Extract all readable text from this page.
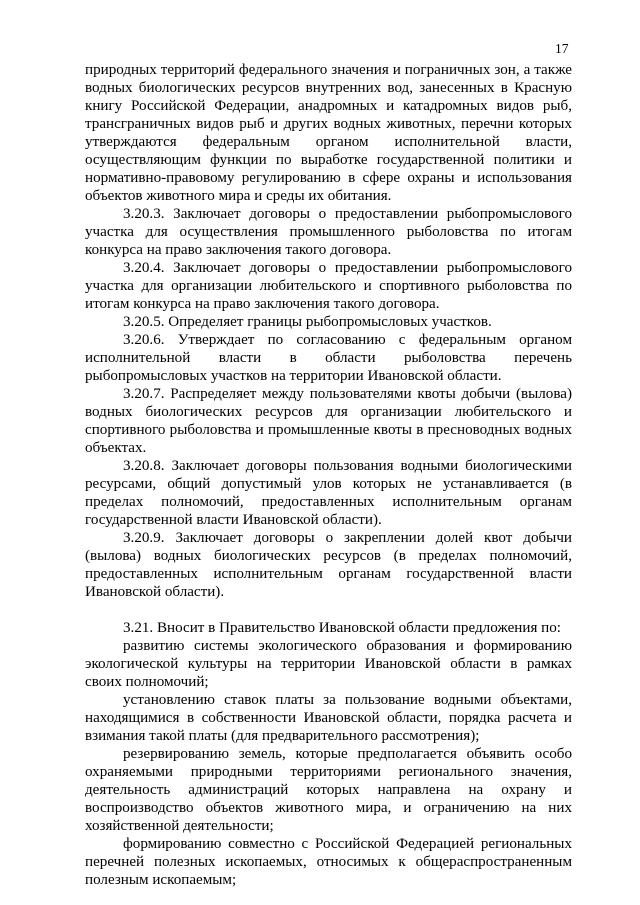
17

природных территорий федерального значения и пограничных зон, а также водных биологических ресурсов внутренних вод, занесенных в Красную книгу Российской Федерации, анадромных и катадромных видов рыб, трансграничных видов рыб и других водных животных, перечни которых утверждаются федеральным органом исполнительной власти, осуществляющим функции по выработке государственной политики и нормативно-правовому регулированию в сфере охраны и использования объектов животного мира и среды их обитания.

3.20.3. Заключает договоры о предоставлении рыбопромыслового участка для осуществления промышленного рыболовства по итогам конкурса на право заключения такого договора.

3.20.4. Заключает договоры о предоставлении рыбопромыслового участка для организации любительского и спортивного рыболовства по итогам конкурса на право заключения такого договора.

3.20.5. Определяет границы рыбопромысловых участков.

3.20.6. Утверждает по согласованию с федеральным органом исполнительной власти в области рыболовства перечень рыбопромысловых участков на территории Ивановской области.

3.20.7. Распределяет между пользователями квоты добычи (вылова) водных биологических ресурсов для организации любительского и спортивного рыболовства и промышленные квоты в пресноводных водных объектах.

3.20.8. Заключает договоры пользования водными биологическими ресурсами, общий допустимый улов которых не устанавливается (в пределах полномочий, предоставленных исполнительным органам государственной власти Ивановской области).

3.20.9. Заключает договоры о закреплении долей квот добычи (вылова) водных биологических ресурсов (в пределах полномочий, предоставленных исполнительным органам государственной власти Ивановской области).

3.21. Вносит в Правительство Ивановской области предложения по:

развитию системы экологического образования и формированию экологической культуры на территории Ивановской области в рамках своих полномочий;

установлению ставок платы за пользование водными объектами, находящимися в собственности Ивановской области, порядка расчета и взимания такой платы (для предварительного рассмотрения);

резервированию земель, которые предполагается объявить особо охраняемыми природными территориями регионального значения, деятельность администраций которых направлена на охрану и воспроизводство объектов животного мира, и ограничению на них хозяйственной деятельности;

формированию совместно с Российской Федерацией региональных перечней полезных ископаемых, относимых к общераспространенным полезным ископаемым;
